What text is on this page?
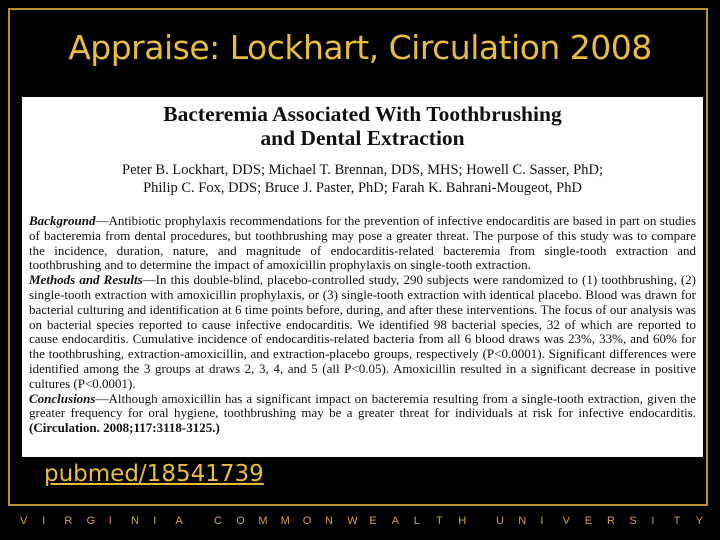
Appraise: Lockhart, Circulation 2008
Bacteremia Associated With Toothbrushing
and Dental Extraction
Peter B. Lockhart, DDS; Michael T. Brennan, DDS, MHS; Howell C. Sasser, PhD;
Philip C. Fox, DDS; Bruce J. Paster, PhD; Farah K. Bahrani-Mougeot, PhD

Background—Antibiotic prophylaxis recommendations for the prevention of infective endocarditis are based in part on studies of bacteremia from dental procedures, but toothbrushing may pose a greater threat. The purpose of this study was to compare the incidence, duration, nature, and magnitude of endocarditis-related bacteremia from single-tooth extraction and toothbrushing and to determine the impact of amoxicillin prophylaxis on single-tooth extraction.

Methods and Results—In this double-blind, placebo-controlled study, 290 subjects were randomized to (1) toothbrushing, (2) single-tooth extraction with amoxicillin prophylaxis, or (3) single-tooth extraction with identical placebo. Blood was drawn for bacterial culturing and identification at 6 time points before, during, and after these interventions. The focus of our analysis was on bacterial species reported to cause infective endocarditis. We identified 98 bacterial species, 32 of which are reported to cause endocarditis. Cumulative incidence of endocarditis-related bacteria from all 6 blood draws was 23%, 33%, and 60% for the toothbrushing, extraction-amoxicillin, and extraction-placebo groups, respectively (P<0.0001). Significant differences were identified among the 3 groups at draws 2, 3, 4, and 5 (all P<0.05). Amoxicillin resulted in a significant decrease in positive cultures (P<0.0001).

Conclusions—Although amoxicillin has a significant impact on bacteremia resulting from a single-tooth extraction, given the greater frequency for oral hygiene, toothbrushing may be a greater threat for individuals at risk for infective endocarditis. (Circulation. 2008;117:3118-3125.)

pubmed/18541739
V I R G I N I A	C O M M O N W E A L T H	U N I V E R S I T Y
